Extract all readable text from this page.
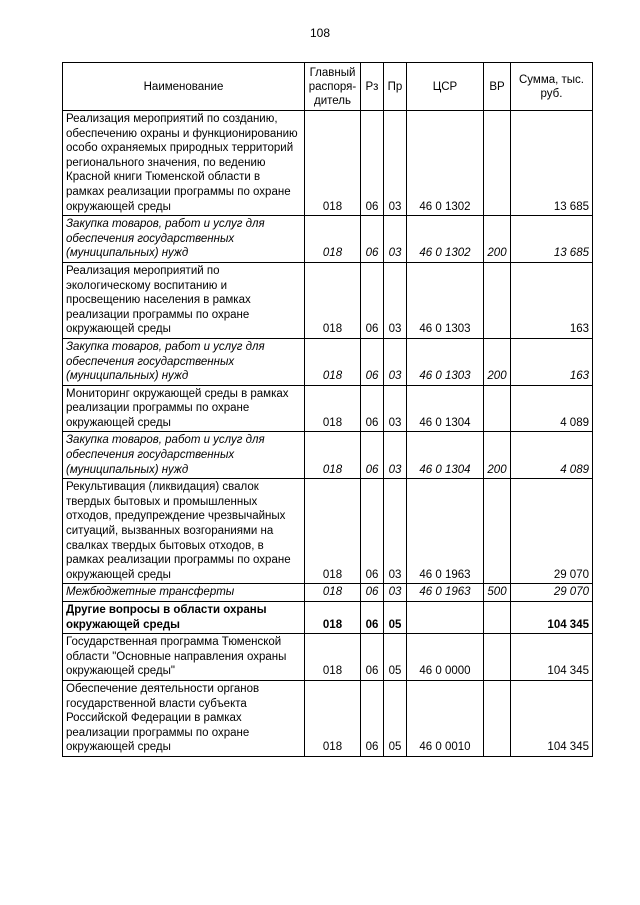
108
Наименование	Главный распоря-дитель	Рз	Пр	ЦСР	ВР	Сумма, тыс. руб.
Реализация мероприятий по созданию, обеспечению охраны и функционированию особо охраняемых природных территорий регионального значения, по ведению Красной книги Тюменской области в рамках реализации программы по охране окружающей среды	018	06	03	46 0 1302		13 685
Закупка товаров, работ и услуг для обеспечения государственных (муниципальных) нужд	018	06	03	46 0 1302	200	13 685
Реализация мероприятий по экологическому воспитанию и просвещению населения в рамках реализации программы по охране окружающей среды	018	06	03	46 0 1303		163
Закупка товаров, работ и услуг для обеспечения государственных (муниципальных) нужд	018	06	03	46 0 1303	200	163
Мониторинг окружающей среды в рамках реализации программы по охране окружающей среды	018	06	03	46 0 1304		4 089
Закупка товаров, работ и услуг для обеспечения государственных (муниципальных) нужд	018	06	03	46 0 1304	200	4 089
Рекультивация (ликвидация) свалок твердых бытовых и промышленных отходов, предупреждение чрезвычайных ситуаций, вызванных возгораниями на свалках твердых бытовых отходов, в рамках реализации программы по охране окружающей среды	018	06	03	46 0 1963		29 070
Межбюджетные трансферты	018	06	03	46 0 1963	500	29 070
Другие вопросы в области охраны окружающей среды	018	06	05			104 345
Государственная программа Тюменской области "Основные направления охраны окружающей среды"	018	06	05	46 0 0000		104 345
Обеспечение деятельности органов государственной власти субъекта Российской Федерации в рамках реализации программы по охране окружающей среды	018	06	05	46 0 0010		104 345
